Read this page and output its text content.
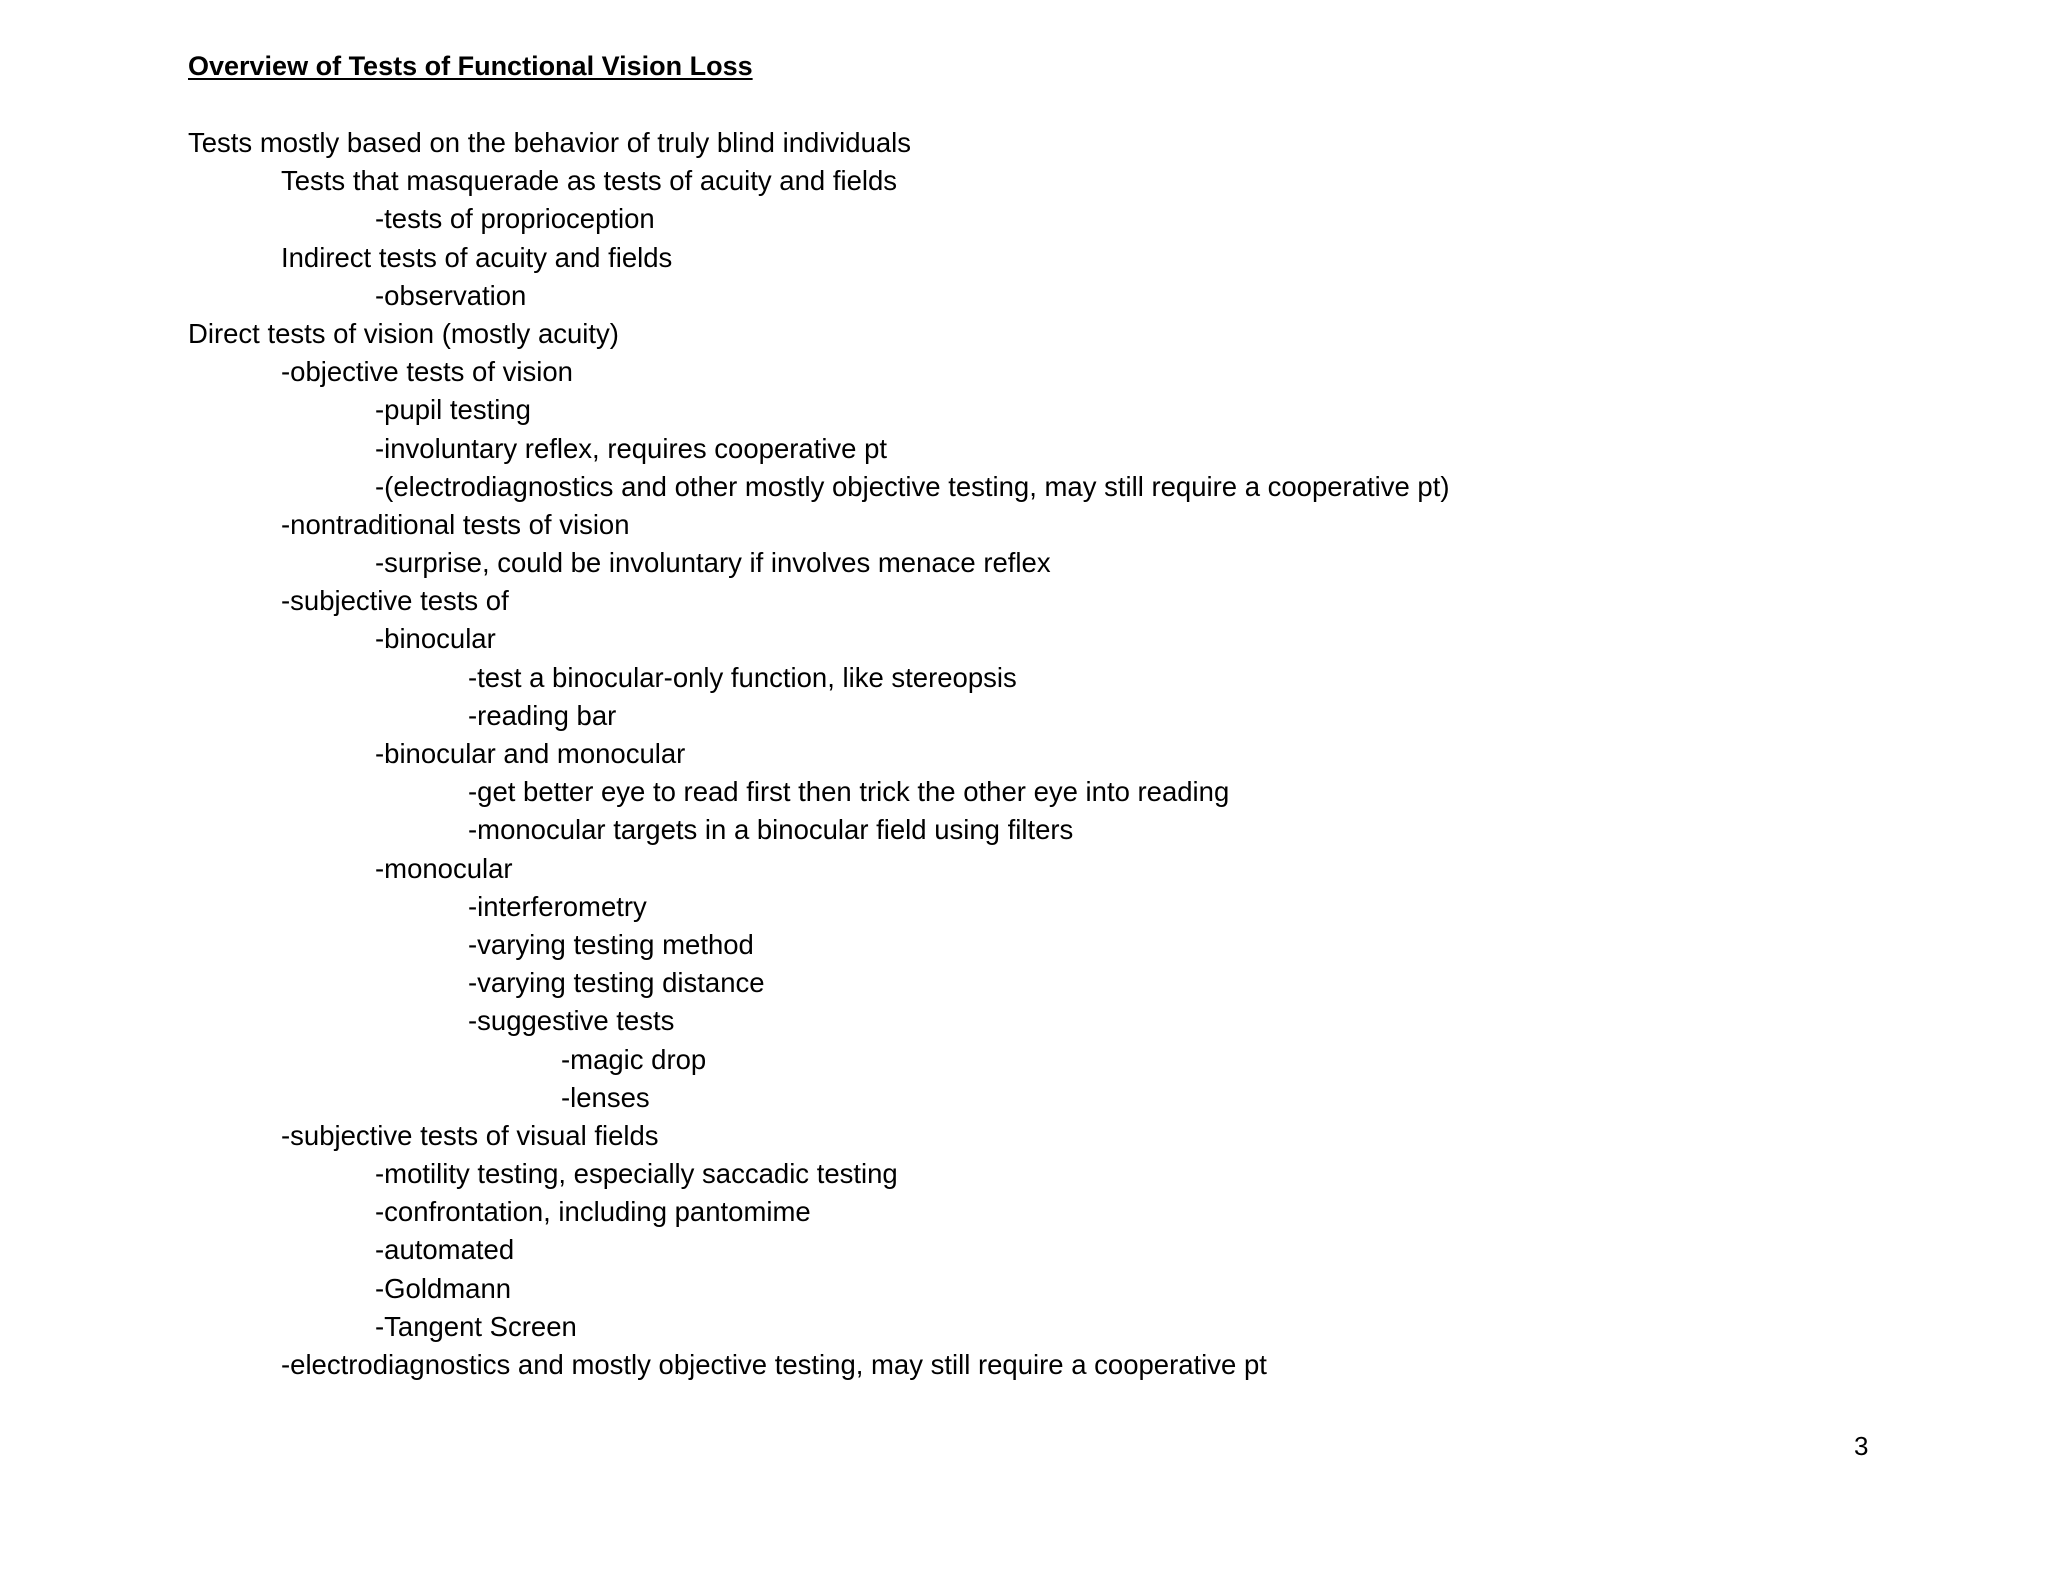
Overview of Tests of Functional Vision Loss
Tests mostly based on the behavior of truly blind individuals
Tests that masquerade as tests of acuity and fields
-tests of proprioception
Indirect tests of acuity and fields
-observation
Direct tests of vision (mostly acuity)
-objective tests of vision
-pupil testing
-involuntary reflex, requires cooperative pt
-(electrodiagnostics and other mostly objective testing, may still require a cooperative pt)
-nontraditional tests of vision
-surprise, could be involuntary if involves menace reflex
-subjective tests of
-binocular
-test a binocular-only function, like stereopsis
-reading bar
-binocular and monocular
-get better eye to read first then trick the other eye into reading
-monocular targets in a binocular field using filters
-monocular
-interferometry
-varying testing method
-varying testing distance
-suggestive tests
-magic drop
-lenses
-subjective tests of visual fields
-motility testing, especially saccadic testing
-confrontation, including pantomime
-automated
-Goldmann
-Tangent Screen
-electrodiagnostics and mostly objective testing, may still require a cooperative pt
3
